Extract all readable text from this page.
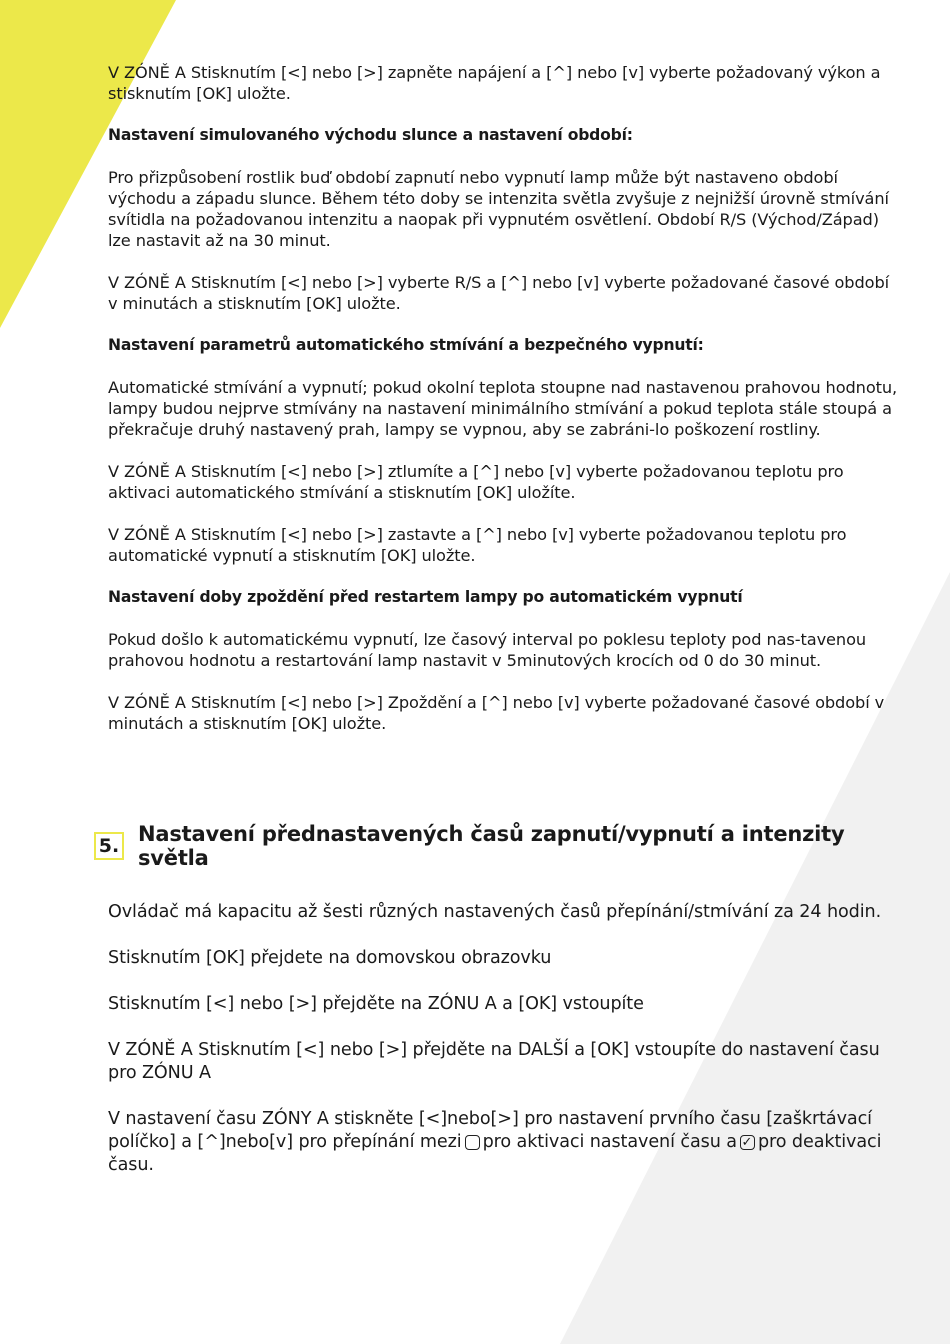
V ZÓNĚ A Stisknutím [<] nebo [>] zapněte napájení a [^] nebo [v] vyberte požadovaný výkon a stisknutím [OK] uložte.

Nastavení simulovaného východu slunce a nastavení období:

Pro přizpůsobení rostlik buď období zapnutí nebo vypnutí lamp může být nastaveno období východu a západu slunce. Během této doby se intenzita světla zvyšuje z nejnižší úrovně stmívání svítidla na požadovanou intenzitu a naopak při vypnutém osvětlení. Období R/S (Východ/Západ) lze nastavit až na 30 minut.

V ZÓNĚ A Stisknutím [<] nebo [>] vyberte R/S a [^] nebo [v] vyberte požadované časové období v minutách a stisknutím [OK] uložte.

Nastavení parametrů automatického stmívání a bezpečného vypnutí:

Automatické stmívání a vypnutí; pokud okolní teplota stoupne nad nastavenou prahovou hodnotu, lampy budou nejprve stmívány na nastavení minimálního stmívání a pokud teplota stále stoupá a překračuje druhý nastavený prah, lampy se vypnou, aby se zabráni-lo poškození rostliny.

V ZÓNĚ A Stisknutím [<] nebo [>] ztlumíte a [^] nebo [v] vyberte požadovanou teplotu pro aktivaci automatického stmívání a stisknutím [OK] uložíte.

V ZÓNĚ A Stisknutím [<] nebo [>] zastavte a [^] nebo [v] vyberte požadovanou teplotu pro automatické vypnutí a stisknutím [OK] uložte.

Nastavení doby zpoždění před restartem lampy po automatickém vypnutí

Pokud došlo k automatickému vypnutí, lze časový interval po poklesu teploty pod nas-tavenou prahovou hodnotu a restartování lamp nastavit v 5minutových krocích od 0 do 30 minut.

V ZÓNĚ A Stisknutím [<] nebo [>] Zpoždění a [^] nebo [v] vyberte požadované časové období v minutách a stisknutím [OK] uložte.

5. Nastavení přednastavených časů zapnutí/vypnutí a intenzity světla

Ovládač má kapacitu až šesti různých nastavených časů přepínání/stmívání za 24 hodin.

Stisknutím [OK] přejdete na domovskou obrazovku

Stisknutím [<] nebo [>] přejděte na ZÓNU A a [OK] vstoupíte

V ZÓNĚ A Stisknutím [<] nebo [>] přejděte na DALŠÍ a [OK] vstoupíte do nastavení času pro ZÓNU A

V nastavení času ZÓNY A stiskněte [<]nebo[>] pro nastavení prvního času [zaškrtávací políčko] a [^]nebo[v] pro přepínání mezi pro aktivaci nastavení času a ✓ pro deaktivaci času.
